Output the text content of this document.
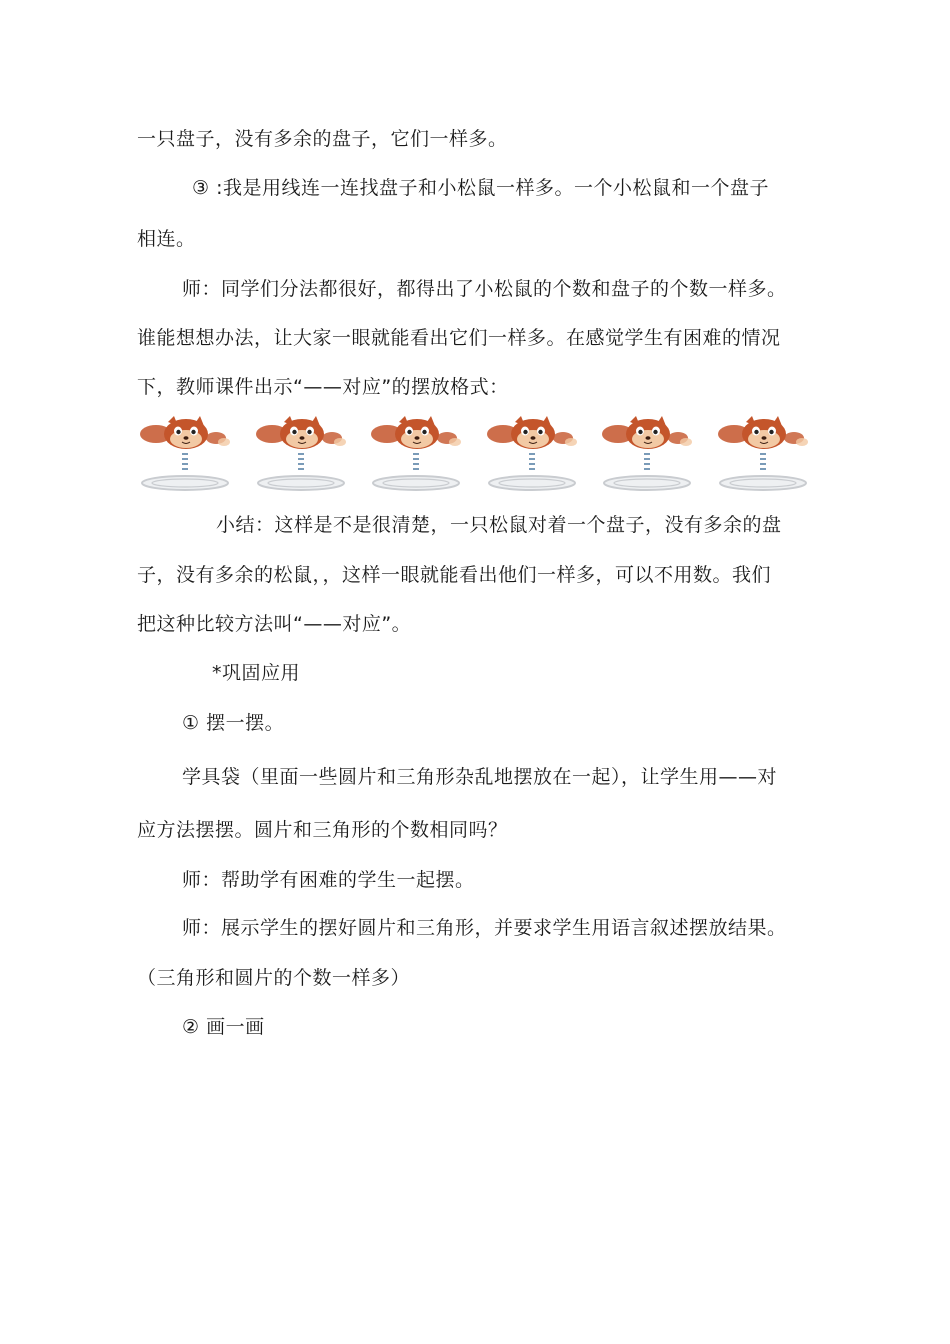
一只盘子，没有多余的盘子，它们一样多。
③ :我是用线连一连找盘子和小松鼠一样多。一个小松鼠和一个盘子
相连。
师：同学们分法都很好，都得出了小松鼠的个数和盘子的个数一样多。
谁能想想办法，让大家一眼就能看出它们一样多。在感觉学生有困难的情况
下，教师课件出示“——对应”的摆放格式：
小结：这样是不是很清楚，一只松鼠对着一个盘子，没有多余的盘
子，没有多余的松鼠，，这样一眼就能看出他们一样多，可以不用数。我们
把这种比较方法叫“——对应”。
*巩固应用
① 摆一摆。
学具袋（里面一些圆片和三角形杂乱地摆放在一起），让学生用——对
应方法摆摆。圆片和三角形的个数相同吗？
师：帮助学有困难的学生一起摆。
师：展示学生的摆好圆片和三角形，并要求学生用语言叙述摆放结果。
（三角形和圆片的个数一样多）
② 画一画
